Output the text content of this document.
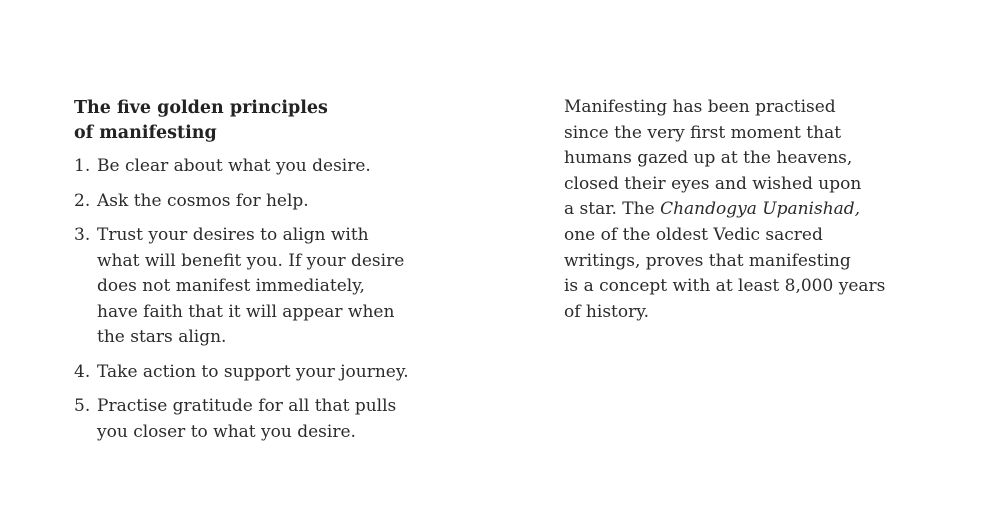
The five golden principles
of manifesting
1. Be clear about what you desire.
2. Ask the cosmos for help.
3. Trust your desires to align with
what will benefit you. If your desire
does not manifest immediately,
have faith that it will appear when
the stars align.
4. Take action to support your journey.
5. Practise gratitude for all that pulls
you closer to what you desire.

Manifesting has been practised
since the very first moment that
humans gazed up at the heavens,
closed their eyes and wished upon
a star. The Chandogya Upanishad,
one of the oldest Vedic sacred
writings, proves that manifesting
is a concept with at least 8,000 years
of history.
